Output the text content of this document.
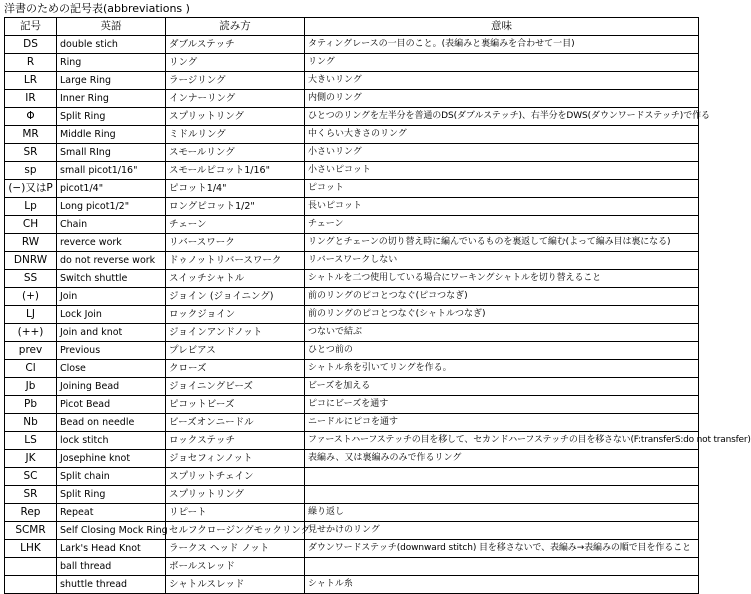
洋書のための記号表(abbreviations )
記号	英語	読み方	意味
DS	double stich	ダブルステッチ	タティングレースの一目のこと。(表編みと裏編みを合わせて一目)
R	Ring	リング	リング
LR	Large Ring	ラージリング	大きいリング
IR	Inner Ring	インナーリング	内側のリング
Φ	Split Ring	スプリットリング	ひとつのリングを左半分を普通のDS(ダブルステッチ)、右半分をDWS(ダウンワードステッチ)で作る
MR	Middle Ring	ミドルリング	中くらい大きさのリング
SR	Small RIng	スモールリング	小さいリング
sp	small picot1/16"	スモールピコット1/16"	小さいピコット
(−)又はP	picot1/4"	ピコット1/4"	ピコット
Lp	Long picot1/2"	ロングピコット1/2"	長いピコット
CH	Chain	チェーン	チェーン
RW	reverce work	リバースワーク	リングとチェーンの切り替え時に編んでいるものを裏返して編む(よって編み目は裏になる)
DNRW	do not reverse work	ドゥノットリバースワーク	リバースワークしない
SS	Switch shuttle	スイッチシャトル	シャトルを二つ使用している場合にワーキングシャトルを切り替えること
(+)	Join	ジョイン (ジョイニング)	前のリングのピコとつなぐ(ピコつなぎ)
LJ	Lock Join	ロックジョイン	前のリングのピコとつなぐ(シャトルつなぎ)
(++)	Join and knot	ジョインアンドノット	つないで結ぶ
prev	Previous	プレビアス	ひとつ前の
Cl	Close	クローズ	シャトル糸を引いてリングを作る。
Jb	Joining Bead	ジョイニングビーズ	ビーズを加える
Pb	Picot Bead	ピコットビーズ	ピコにビーズを通す
Nb	Bead on needle	ビーズオンニードル	ニードルにピコを通す
LS	lock stitch	ロックステッチ	ファーストハーフステッチの目を移して、セカンドハーフステッチの目を移さない(F:transferS:do not transfer)
JK	Josephine knot	ジョセフィンノット	表編み、又は裏編みのみで作るリング
SC	Split chain	スプリットチェイン	
SR	Split Ring	スプリットリング	
Rep	Repeat	リピート	繰り返し
SCMR	Self Closing Mock Ring	セルフクロージングモックリング	見せかけのリング
LHK	Lark's Head Knot	ラークス ヘッド ノット	ダウンワードステッチ(downward stitch) 目を移さないで、表編み→表編みの順で目を作ること
	ball thread	ボールスレッド	
	shuttle thread	シャトルスレッド	シャトル糸
